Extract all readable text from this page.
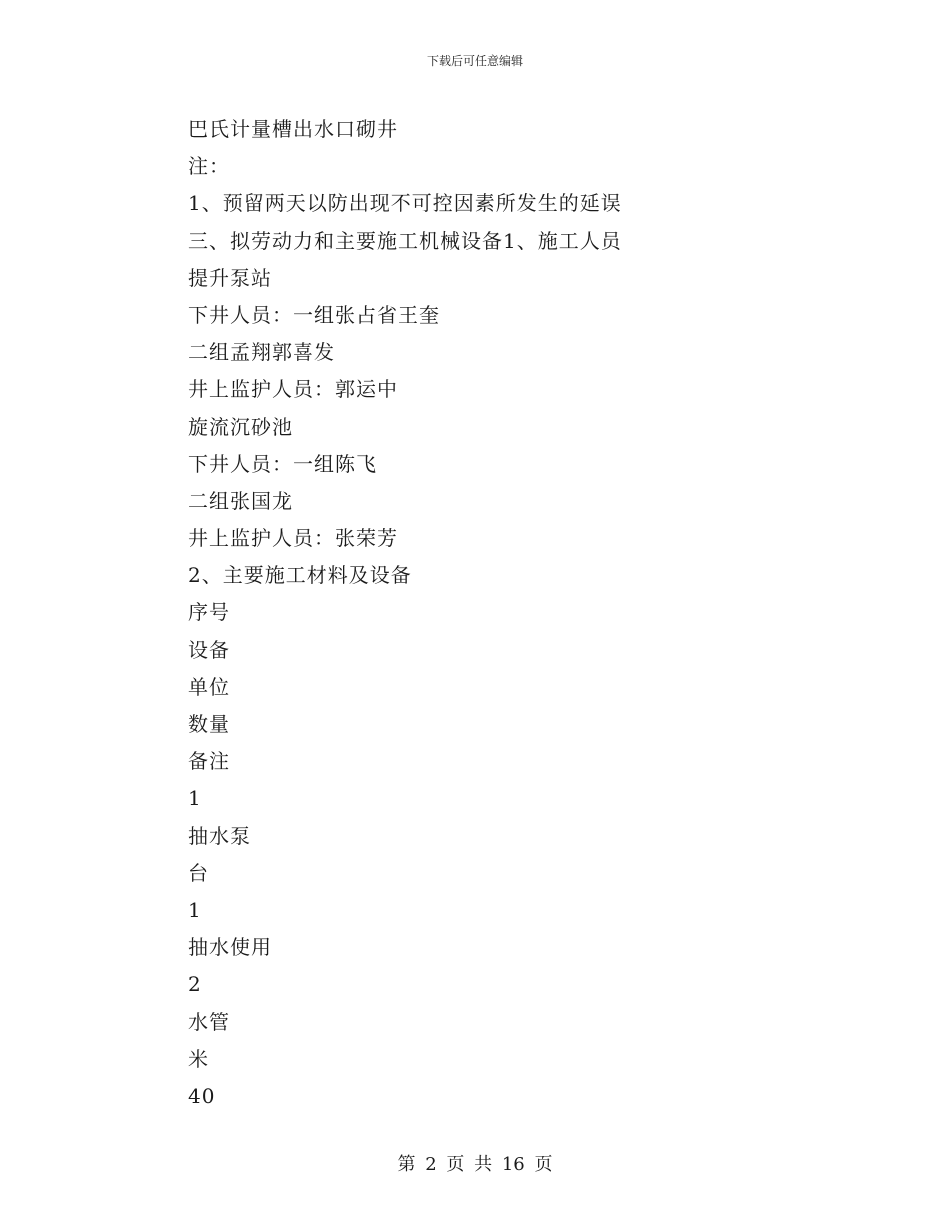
下载后可任意编辑
巴氏计量槽出水口砌井
注：
1、预留两天以防出现不可控因素所发生的延误
三、拟劳动力和主要施工机械设备1、施工人员
提升泵站
下井人员：一组张占省王奎
二组孟翔郭喜发
井上监护人员：郭运中
旋流沉砂池
下井人员：一组陈飞
二组张国龙
井上监护人员：张荣芳
2、主要施工材料及设备
序号
设备
单位
数量
备注
1
抽水泵
台
1
抽水使用
2
水管
米
40
第 2 页 共 16 页
